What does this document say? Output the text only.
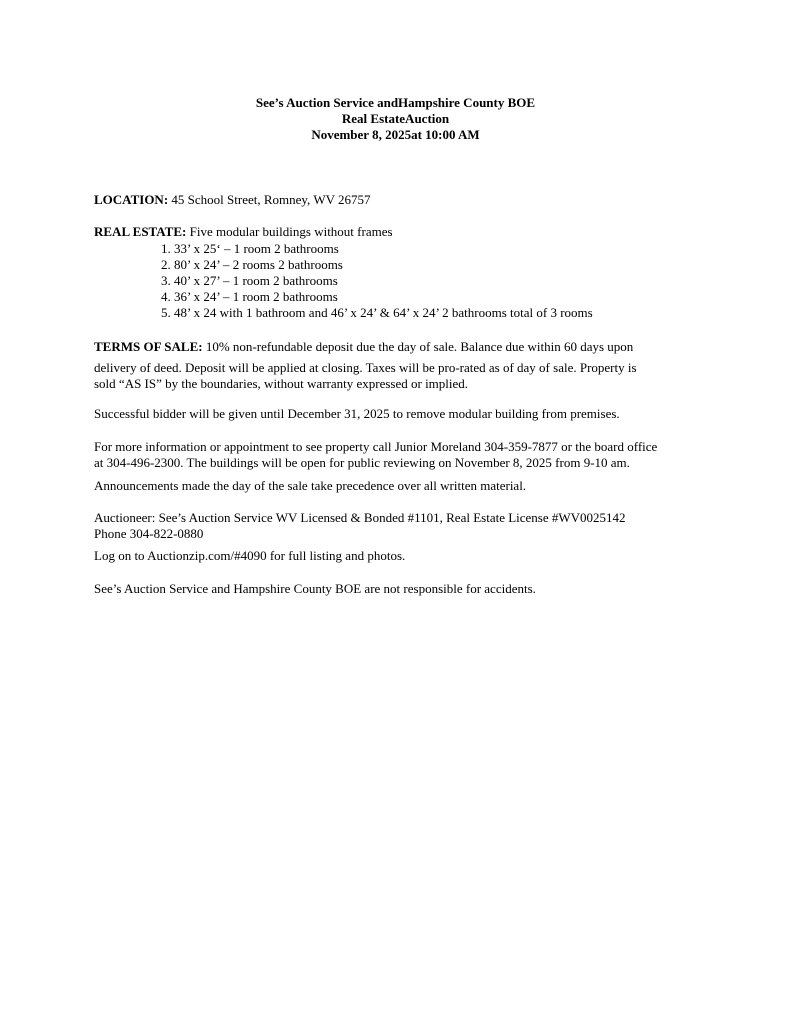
See’s Auction Service andHampshire County BOE
Real EstateAuction
November 8, 2025at 10:00 AM
LOCATION: 45 School Street, Romney, WV 26757
REAL ESTATE: Five modular buildings without frames
1. 33’ x 25‘ – 1 room 2 bathrooms
2. 80’ x 24’ – 2 rooms 2 bathrooms
3. 40’ x 27’ – 1 room 2 bathrooms
4. 36’ x 24’ – 1 room 2 bathrooms
5. 48’ x 24 with 1 bathroom and 46’ x 24’ & 64’ x 24’ 2 bathrooms total of 3 rooms
TERMS OF SALE: 10% non-refundable deposit due the day of sale. Balance due within 60 days upon
delivery of deed. Deposit will be applied at closing. Taxes will be pro-rated as of day of sale. Property is
sold “AS IS” by the boundaries, without warranty expressed or implied.
Successful bidder will be given until December 31, 2025 to remove modular building from premises.
For more information or appointment to see property call Junior Moreland 304-359-7877 or the board office
at 304-496-2300. The buildings will be open for public reviewing on November 8, 2025 from 9-10 am.
Announcements made the day of the sale take precedence over all written material.
Auctioneer: See’s Auction Service WV Licensed & Bonded #1101, Real Estate License #WV0025142
Phone 304-822-0880
Log on to Auctionzip.com/#4090 for full listing and photos.
See’s Auction Service and Hampshire County BOE are not responsible for accidents.
